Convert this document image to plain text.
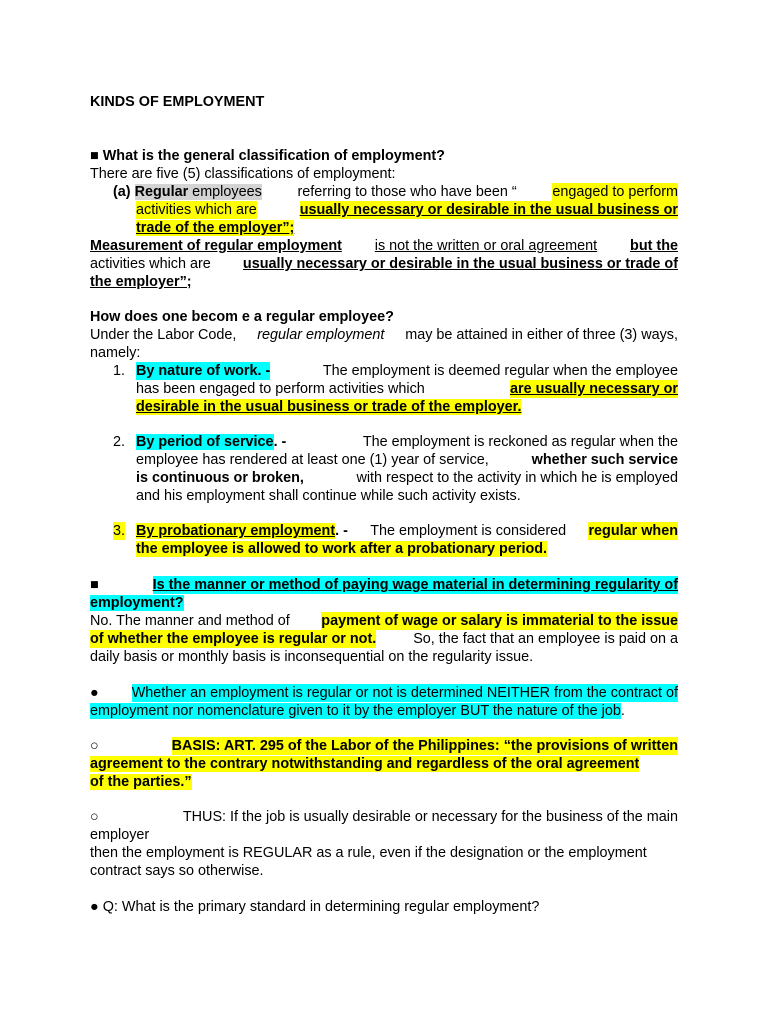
KINDS OF EMPLOYMENT
■ What is the general classification of employment?
There are five (5) classifications of employment:
(a) Regular employees referring to those who have been “ engaged to perform
activities which are	usually necessary or desirable in the usual business or
trade of the employer”;
Measurement of regular employment is not the written or oral agreement but the
activities which are usually necessary or desirable in the usual business or trade of
the employer”;
How does one becom e a regular employee?
Under the Labor Code, regular employment may be attained in either of three (3) ways,
namely:
1. By nature of work. -	The employment is deemed regular when the employee
has been engaged to perform activities which	are usually necessary or
desirable in the usual business or trade of the employer.
2. By period of service. -	The employment is reckoned as regular when the
employee has rendered at least one (1) year of service,	whether such service
is continuous or broken,	with respect to the activity in which he is employed
and his employment shall continue while such activity exists.
3. By probationary employment. - The employment is considered regular when
the employee is allowed to work after a probationary period.
■	Is the manner or method of paying wage material in determining regularity of
employment?
No. The manner and method of payment of wage or salary is immaterial to the issue
of whether the employee is regular or not.	So, the fact that an employee is paid on a
daily basis or monthly basis is inconsequential on the regularity issue.
● Whether an employment is regular or not is determined NEITHER from the contract of
employment nor nomenclature given to it by the employer BUT the nature of the job.
○	BASIS: ART. 295 of the Labor of the Philippines: “the provisions of written
agreement to the contrary notwithstanding and regardless of the oral agreement
of the parties.”
○	THUS: If the job is usually desirable or necessary for the business of the main
employer
then the employment is REGULAR as a rule, even if the designation or the employment
contract says so otherwise.
● Q: What is the primary standard in determining regular employment?
